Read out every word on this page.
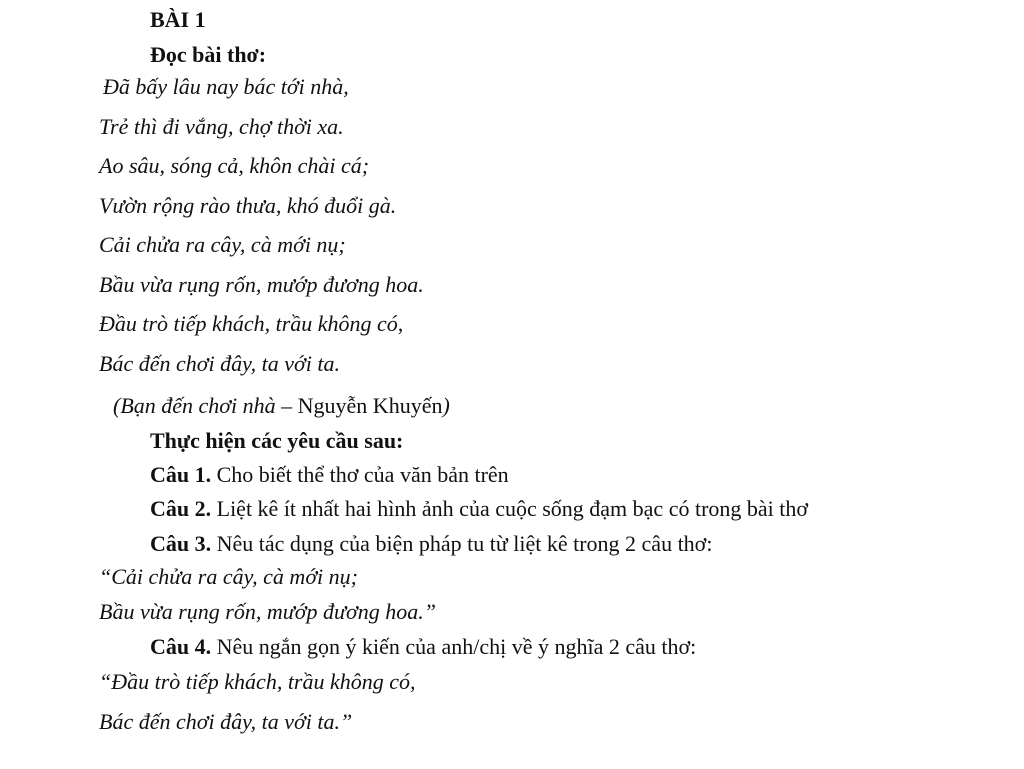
BÀI 1
Đọc bài thơ:
Đã bấy lâu nay bác tới nhà,
Trẻ thì đi vắng, chợ thời xa.
Ao sâu, sóng cả, khôn chài cá;
Vườn rộng rào thưa, khó đuổi gà.
Cải chửa ra cây, cà mới nụ;
Bầu vừa rụng rốn, mướp đương hoa.
Đầu trò tiếp khách, trầu không có,
Bác đến chơi đây, ta với ta.
(Bạn đến chơi nhà – Nguyễn Khuyến)
Thực hiện các yêu cầu sau:
Câu 1. Cho biết thể thơ của văn bản trên
Câu 2. Liệt kê ít nhất hai hình ảnh của cuộc sống đạm bạc có trong bài thơ
Câu 3. Nêu tác dụng của biện pháp tu từ liệt kê trong 2 câu thơ:
“Cải chửa ra cây, cà mới nụ;
Bầu vừa rụng rốn, mướp đương hoa.”
Câu 4. Nêu ngắn gọn ý kiến của anh/chị về ý nghĩa 2 câu thơ:
“Đầu trò tiếp khách, trầu không có,
Bác đến chơi đây, ta với ta.”
